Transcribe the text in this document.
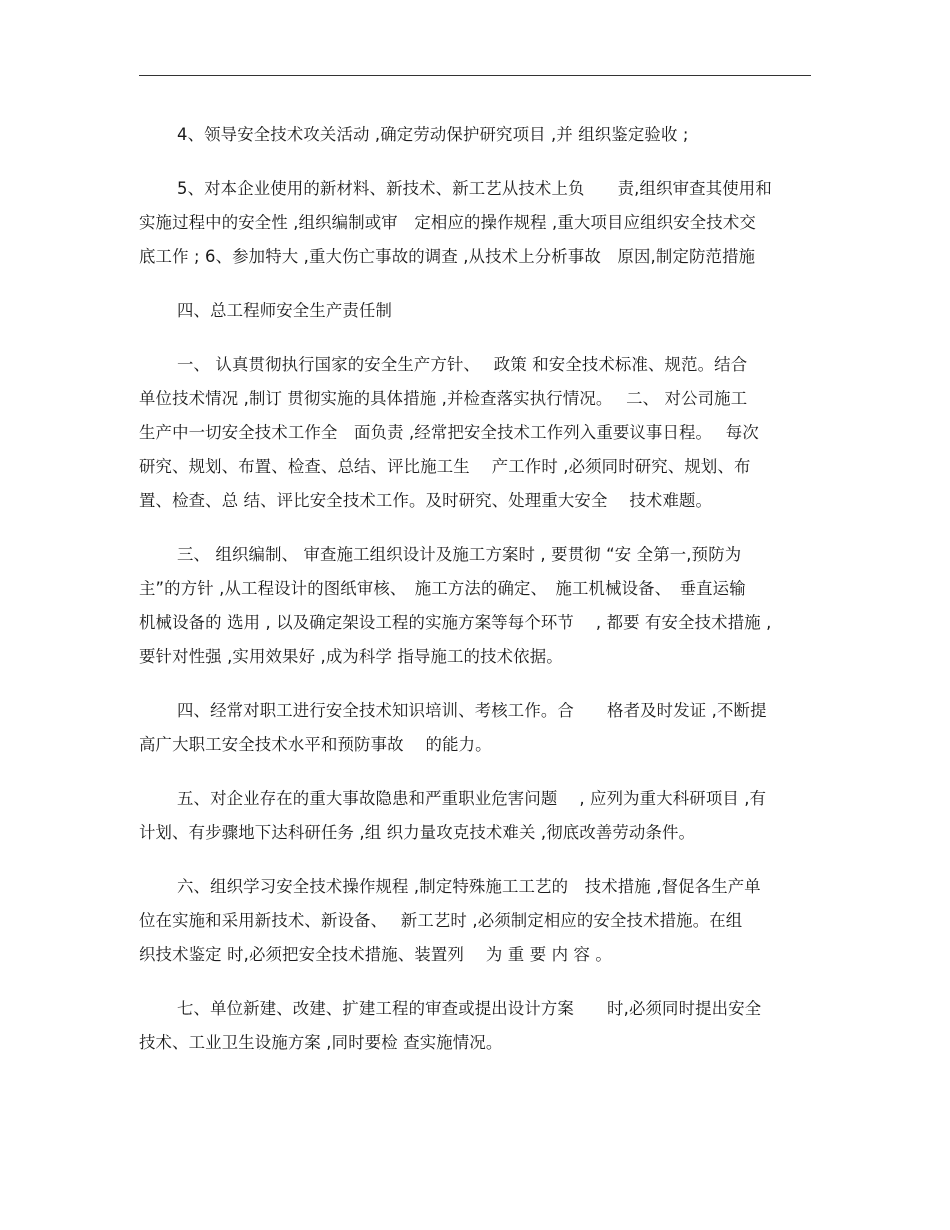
4、领导安全技术攻关活动 ,确定劳动保护研究项目 ,并 组织鉴定验收 ;

5、对本企业使用的新材料、新技术、新工艺从技术上负　　责,组织审查其使用和
实施过程中的安全性 ,组织编制或审　定相应的操作规程 ,重大项目应组织安全技术交
底工作 ; 6、参加特大 ,重大伤亡事故的调查 ,从技术上分析事故　原因,制定防范措施

四、总工程师安全生产责任制

一、 认真贯彻执行国家的安全生产方针、　 政策 和安全技术标准、规范。结合
单位技术情况 ,制订 贯彻实施的具体措施 ,并检查落实执行情况。　 二、 对公司施工
生产中一切安全技术工作全　面负责 ,经常把安全技术工作列入重要议事日程。　 每次
研究、规划、布置、检查、总结、评比施工生　 产工作时 ,必须同时研究、规划、布
置、检查、总 结、评比安全技术工作。及时研究、处理重大安全　 技术难题。

三、 组织编制、 审查施工组织设计及施工方案时 , 要贯彻 “安 全第一,预防为
主”的方针 ,从工程设计的图纸审核、　施工方法的确定、　施工机械设备、　垂直运输
机械设备的 选用 , 以及确定架设工程的实施方案等每个环节　 , 都要 有安全技术措施 ,
要针对性强 ,实用效果好 ,成为科学 指导施工的技术依据。

四、经常对职工进行安全技术知识培训、考核工作。合　　格者及时发证 ,不断提
高广大职工安全技术水平和预防事故　 的能力。

五、对企业存在的重大事故隐患和严重职业危害问题　 , 应列为重大科研项目 ,有
计划、有步骤地下达科研任务 ,组 织力量攻克技术难关 ,彻底改善劳动条件。

六、组织学习安全技术操作规程 ,制定特殊施工工艺的　技术措施 ,督促各生产单
位在实施和采用新技术、新设备、　 新工艺时 ,必须制定相应的安全技术措施。在组
织技术鉴定 时,必须把安全技术措施、装置列　 为 重 要 内 容 。

七、单位新建、改建、扩建工程的审查或提出设计方案　　时,必须同时提出安全
技术、工业卫生设施方案 ,同时要检 查实施情况。
